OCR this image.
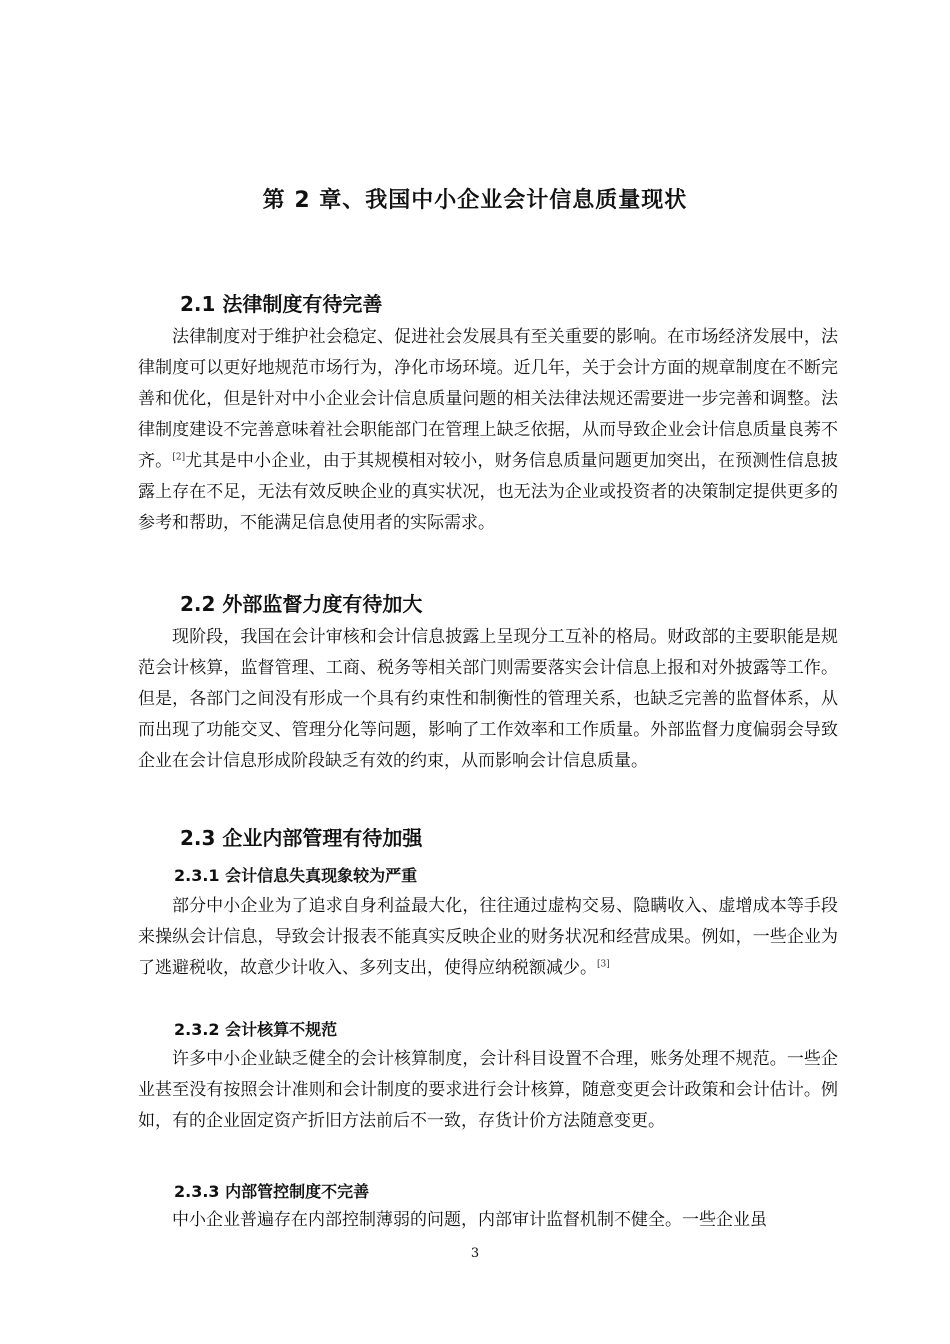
第 2 章、我国中小企业会计信息质量现状
2.1 法律制度有待完善

法律制度对于维护社会稳定、促进社会发展具有至关重要的影响。在市场经济发展中，法律制度可以更好地规范市场行为，净化市场环境。近几年，关于会计方面的规章制度在不断完善和优化，但是针对中小企业会计信息质量问题的相关法律法规还需要进一步完善和调整。法律制度建设不完善意味着社会职能部门在管理上缺乏依据，从而导致企业会计信息质量良莠不齐。[2]尤其是中小企业，由于其规模相对较小，财务信息质量问题更加突出，在预测性信息披露上存在不足，无法有效反映企业的真实状况，也无法为企业或投资者的决策制定提供更多的参考和帮助，不能满足信息使用者的实际需求。

2.2 外部监督力度有待加大

现阶段，我国在会计审核和会计信息披露上呈现分工互补的格局。财政部的主要职能是规范会计核算，监督管理、工商、税务等相关部门则需要落实会计信息上报和对外披露等工作。但是，各部门之间没有形成一个具有约束性和制衡性的管理关系，也缺乏完善的监督体系，从而出现了功能交叉、管理分化等问题，影响了工作效率和工作质量。外部监督力度偏弱会导致企业在会计信息形成阶段缺乏有效的约束，从而影响会计信息质量。

2.3 企业内部管理有待加强
2.3.1 会计信息失真现象较为严重

部分中小企业为了追求自身利益最大化，往往通过虚构交易、隐瞒收入、虚增成本等手段来操纵会计信息，导致会计报表不能真实反映企业的财务状况和经营成果。例如，一些企业为了逃避税收，故意少计收入、多列支出，使得应纳税额减少。[3]

2.3.2 会计核算不规范

许多中小企业缺乏健全的会计核算制度，会计科目设置不合理，账务处理不规范。一些企业甚至没有按照会计准则和会计制度的要求进行会计核算，随意变更会计政策和会计估计。例如，有的企业固定资产折旧方法前后不一致，存货计价方法随意变更。

2.3.3 内部管控制度不完善

中小企业普遍存在内部控制薄弱的问题，内部审计监督机制不健全。一些企业虽

3
